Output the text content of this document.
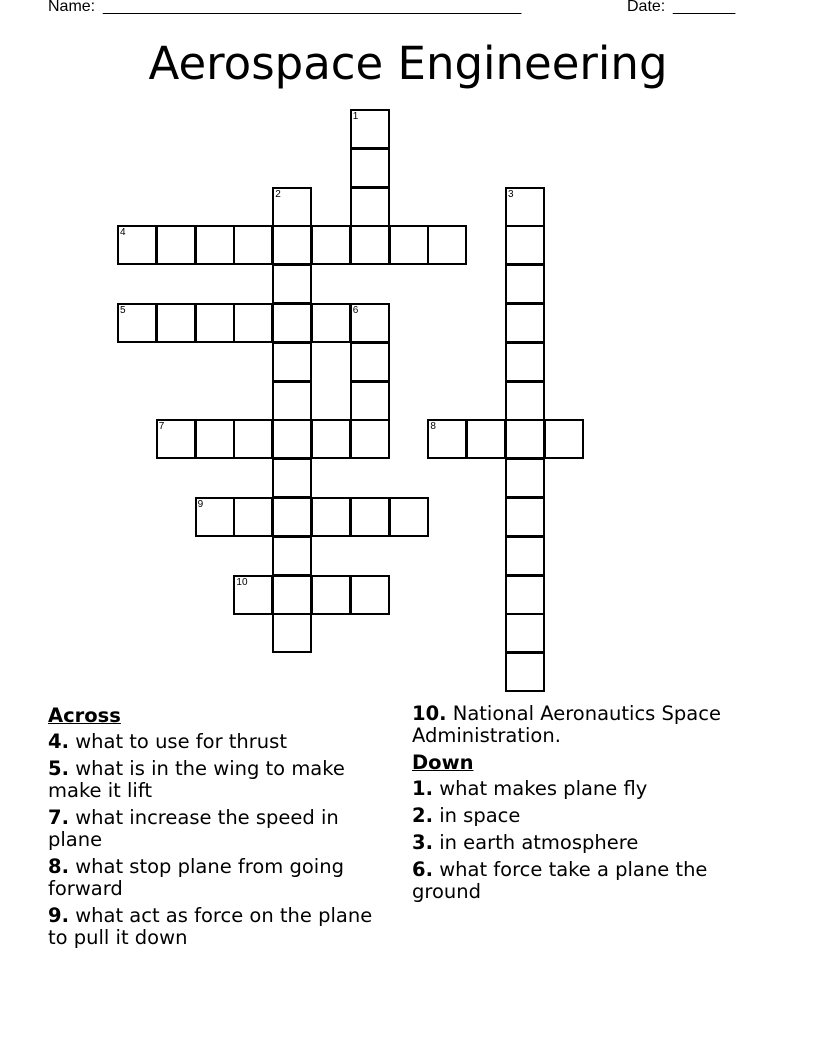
Name: _______________________________________________	Date: _______
Aerospace Engineering
1
2	3
4
5	6
7	8
9
10
Across
4. what to use for thrust
5. what is in the wing to make make it lift
7. what increase the speed in plane
8. what stop plane from going forward
9. what act as force on the plane to pull it down
10. National Aeronautics Space Administration.
Down
1. what makes plane fly
2. in space
3. in earth atmosphere
6. what force take a plane the ground
